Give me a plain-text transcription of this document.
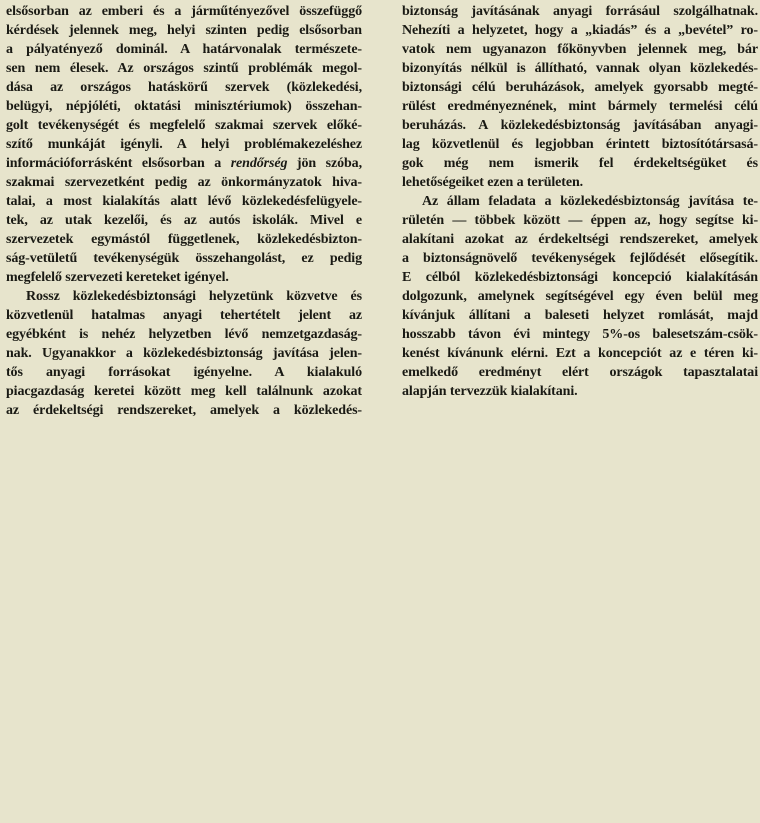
elsősorban az emberi és a járműtényezővel összefüggő
kérdések jelennek meg, helyi szinten pedig elsősorban
a pályatényező dominál. A határvonalak természete-
sen nem élesek. Az országos szintű problémák megol-
dása az országos hatáskörű szervek (közlekedési,
belügyi, népjóléti, oktatási minisztériumok) összehan-
golt tevékenységét és megfelelő szakmai szervek előké-
szítő munkáját igényli. A helyi problémakezeléshez
információforrásként elsősorban a rendőrség jön szóba,
szakmai szervezetként pedig az önkormányzatok hiva-
talai, a most kialakítás alatt lévő közlekedésfelügyele-
tek, az utak kezelői, és az autós iskolák. Mivel e
szervezetek egymástól függetlenek, közlekedésbizton-
ság-vetületű tevékenységük összehangolást, ez pedig
megfelelő szervezeti kereteket igényel.
Rossz közlekedésbiztonsági helyzetünk közvetve és
közvetlenül hatalmas anyagi tehertételt jelent az
egyébként is nehéz helyzetben lévő nemzetgazdaság-
nak. Ugyanakkor a közlekedésbiztonság javítása jelen-
tős anyagi forrásokat igényelne. A kialakuló
piacgazdaság keretei között meg kell találnunk azokat
az érdekeltségi rendszereket, amelyek a közlekedés-
biztonság javításának anyagi forrásául szolgálhatnak.
Nehezíti a helyzetet, hogy a „kiadás” és a „bevétel” ro-
vatok nem ugyanazon főkönyvben jelennek meg, bár
bizonyítás nélkül is állítható, vannak olyan közlekedés-
biztonsági célú beruházások, amelyek gyorsabb megté-
rülést eredményeznének, mint bármely termelési célú
beruházás. A közlekedésbiztonság javításában anyagi-
lag közvetlenül és legjobban érintett biztosítótársasá-
gok még nem ismerik fel érdekeltségüket és
lehetőségeiket ezen a területen.
Az állam feladata a közlekedésbiztonság javítása te-
rületén — többek között — éppen az, hogy segítse ki-
alakítani azokat az érdekeltségi rendszereket, amelyek
a biztonságnövelő tevékenységek fejlődését elősegítik.
E célból közlekedésbiztonsági koncepció kialakításán
dolgozunk, amelynek segítségével egy éven belül meg
kívánjuk állítani a baleseti helyzet romlását, majd
hosszabb távon évi mintegy 5%-os balesetszám-csök-
kenést kívánunk elérni. Ezt a koncepciót az e téren ki-
emelkedő eredményt elért országok tapasztalatai
alapján tervezzük kialakítani.
